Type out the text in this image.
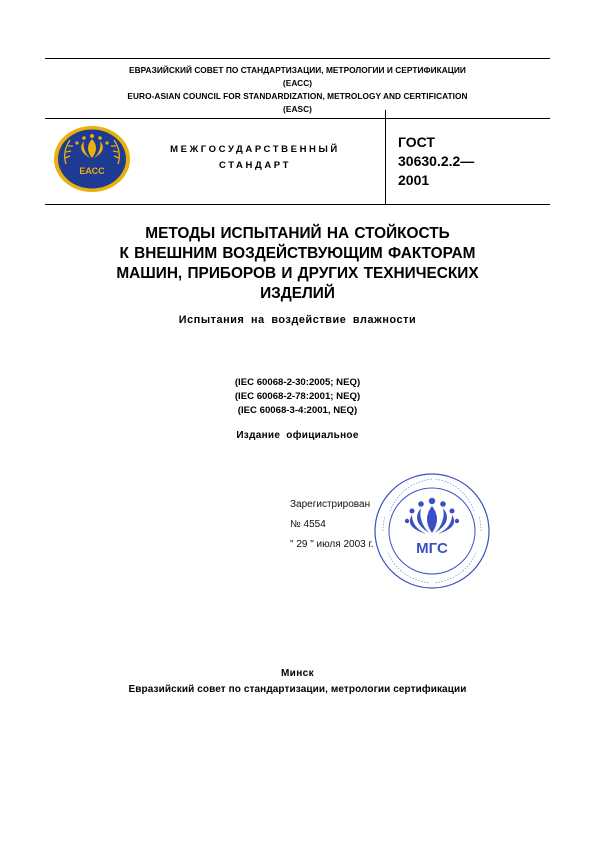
ЕВРАЗИЙСКИЙ СОВЕТ ПО СТАНДАРТИЗАЦИИ, МЕТРОЛОГИИ И СЕРТИФИКАЦИИ
(ЕАСС)
EURO-ASIAN COUNCIL FOR STANDARDIZATION, METROLOGY AND CERTIFICATION
(EASC)
ЕАСС
МЕЖГОСУДАРСТВЕННЫЙ
СТАНДАРТ
ГОСТ
30630.2.2—
2001
МЕТОДЫ ИСПЫТАНИЙ НА СТОЙКОСТЬ
К ВНЕШНИМ ВОЗДЕЙСТВУЮЩИМ ФАКТОРАМ
МАШИН, ПРИБОРОВ И ДРУГИХ ТЕХНИЧЕСКИХ
ИЗДЕЛИЙ
Испытания на воздействие влажности
(IEC 60068-2-30:2005; NEQ)
(IEC 60068-2-78:2001; NEQ)
(IEC 60068-3-4:2001, NEQ)
Издание официальное
МГС
Зарегистрирован
№ 4554
" 29 " июля 2003 г.
Минск
Евразийский совет по стандартизации, метрологии сертификации
